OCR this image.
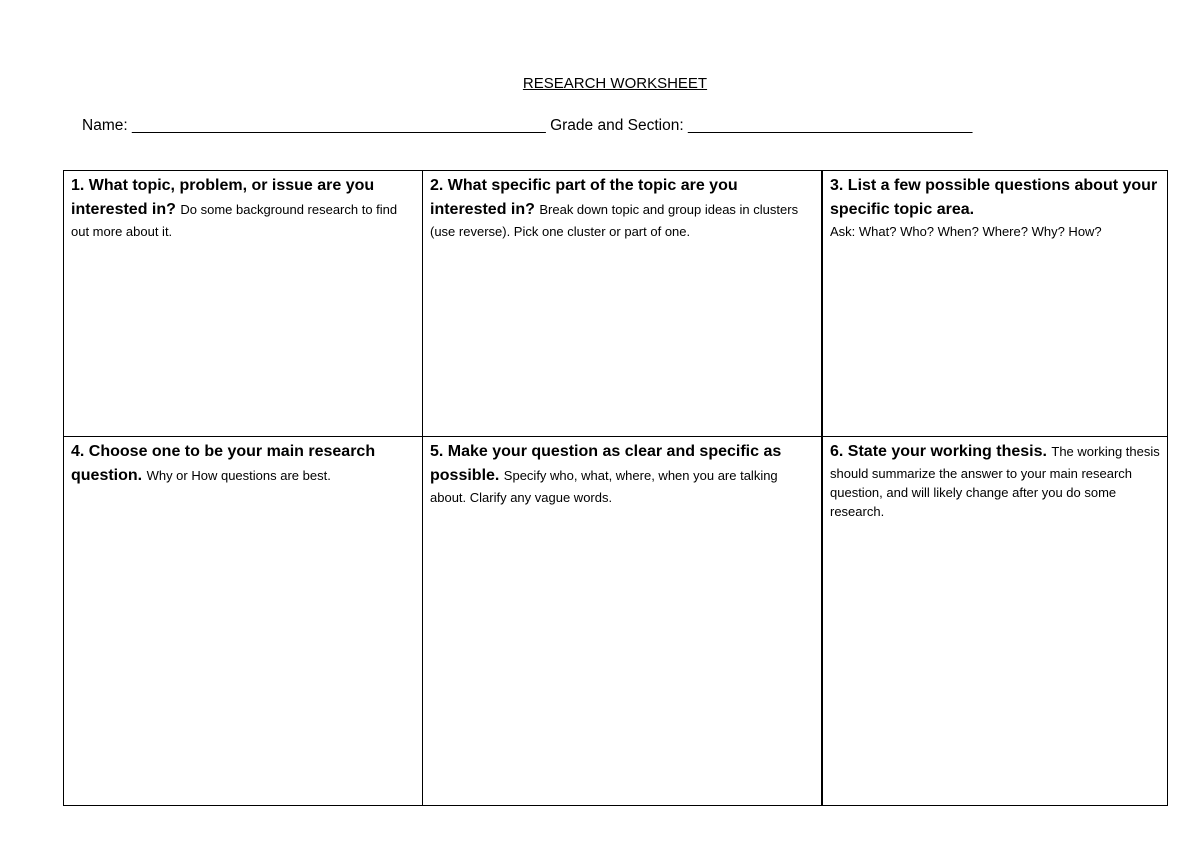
RESEARCH WORKSHEET
Name: ________________________________________________ Grade and Section: _________________________________
1. What topic, problem, or issue are you interested in? Do some background research to find out more about it.
2. What specific part of the topic are you interested in? Break down topic and group ideas in clusters (use reverse). Pick one cluster or part of one.
3. List a few possible questions about your specific topic area.
Ask: What? Who? When? Where? Why? How?
4. Choose one to be your main research question. Why or How questions are best.
5. Make your question as clear and specific as possible. Specify who, what, where, when you are talking about. Clarify any vague words.
6. State your working thesis. The working thesis should summarize the answer to your main research question, and will likely change after you do some research.
